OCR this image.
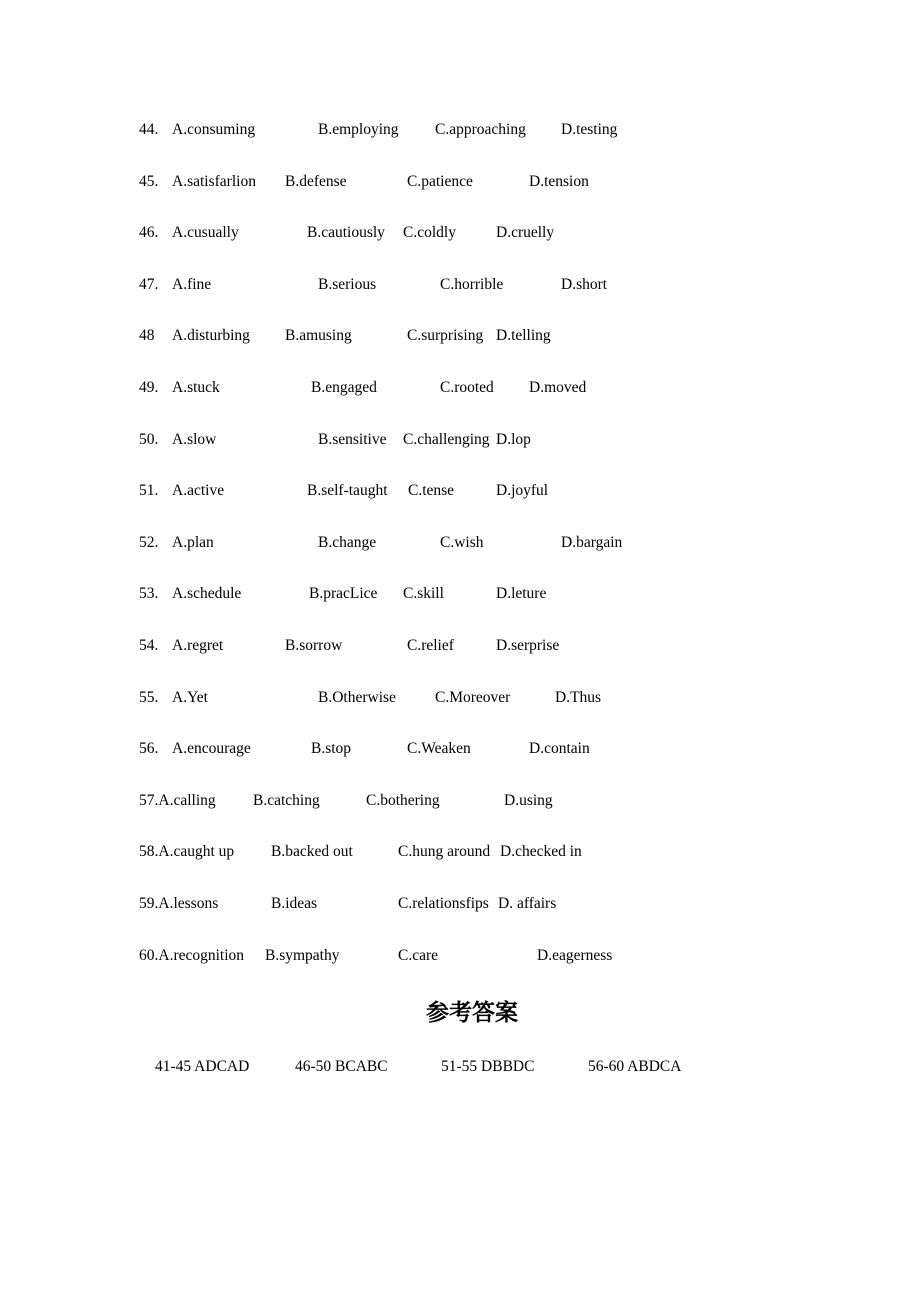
44. A.consuming	B.employing C.approaching D.testing
45. A.satisfarlion B.defense	C.patience	D.tension
46. A.cusually	B.cautiously C.coldly	D.cruelly
47. A.fine	B.serious	C.horrible	D.short
48 A.disturbing B.amusing	C.surprising D.telling
49. A.stuck	B.engaged	C.rooted D.moved
50. A.slow	B.sensitive C.challenging D.lop
51. A.active	B.self-taught C.tense	D.joyful
52. A.plan	B.change	C.wish	D.bargain
53. A.schedule	B.pracLice C.skill	D.leture
54. A.regret	B.sorrow	C.relief	D.serprise
55. A.Yet	B.Otherwise	C.Moreover	D.Thus
56. A.encourage	B.stop	C.Weaken	D.contain
57.A.calling B.catching	C.bothering	D.using
58.A.caught up B.backed out	C.hung around D.checked in
59.A.lessons	B.ideas	C.relationsfips D. affairs
60.A.recognition B.sympathy	C.care	D.eagerness
参考答案
41-45 ADCAD	46-50 BCABC	51-55 DBBDC	56-60 ABDCA
